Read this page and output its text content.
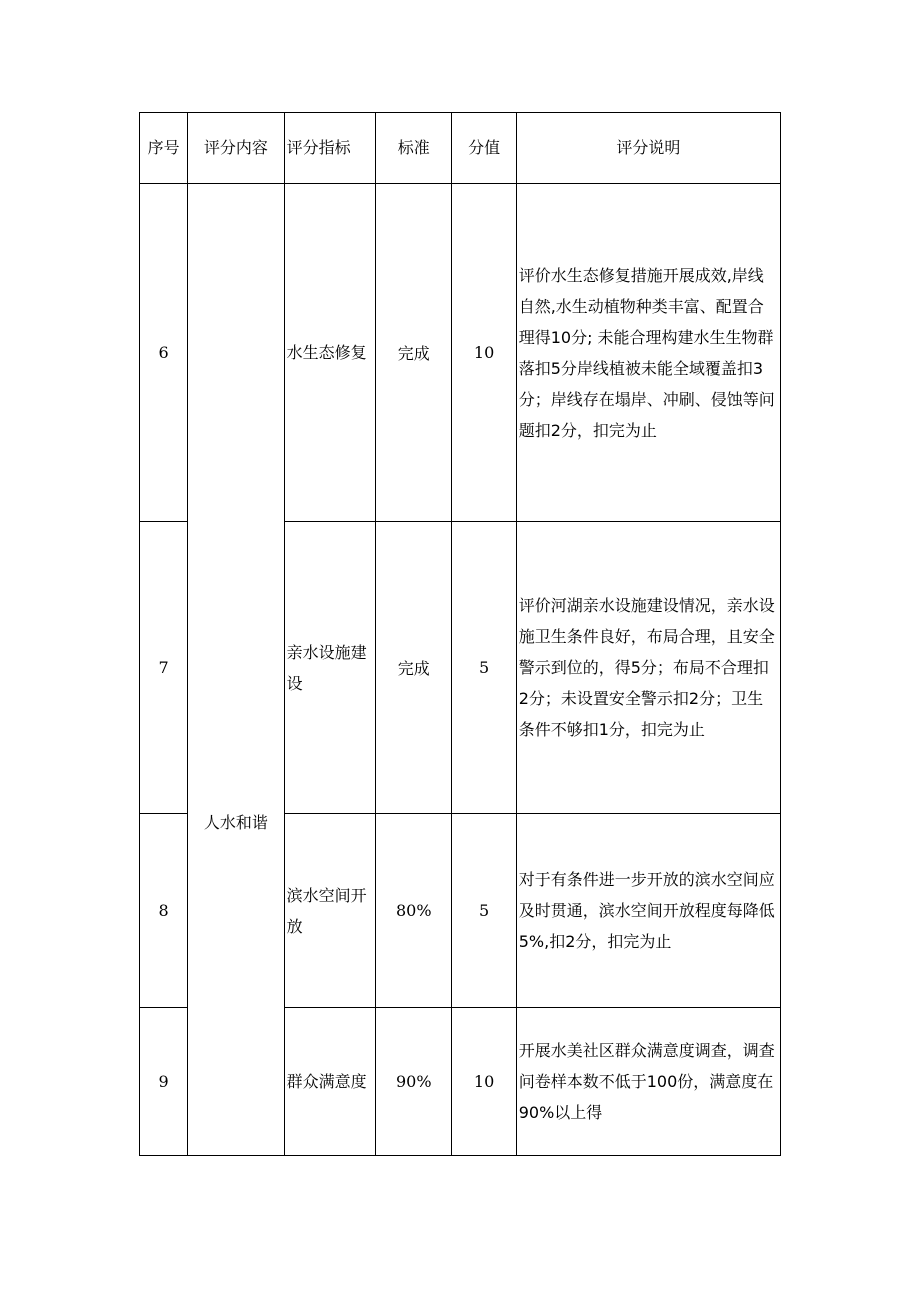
序号	评分内容	评分指标	标准	分值	评分说明
6		水生态修复	完成	10	评价水生态修复措施开展成效,岸线自然,水生动植物种类丰富、配置合理得10分; 未能合理构建水生生物群落扣5分岸线植被未能全域覆盖扣3分；岸线存在塌岸、冲刷、侵蚀等问题扣2分，扣完为止
7	人水和谐	亲水设施建设	完成	5	评价河湖亲水设施建设情况，亲水设施卫生条件良好，布局合理，且安全警示到位的，得5分；布局不合理扣2分；未设置安全警示扣2分；卫生条件不够扣1分，扣完为止
8		滨水空间开放	80%	5	对于有条件进一步开放的滨水空间应及时贯通，滨水空间开放程度每降低5%,扣2分，扣完为止
9		群众满意度	90%	10	开展水美社区群众满意度调查，调查问卷样本数不低于100份，满意度在90%以上得
